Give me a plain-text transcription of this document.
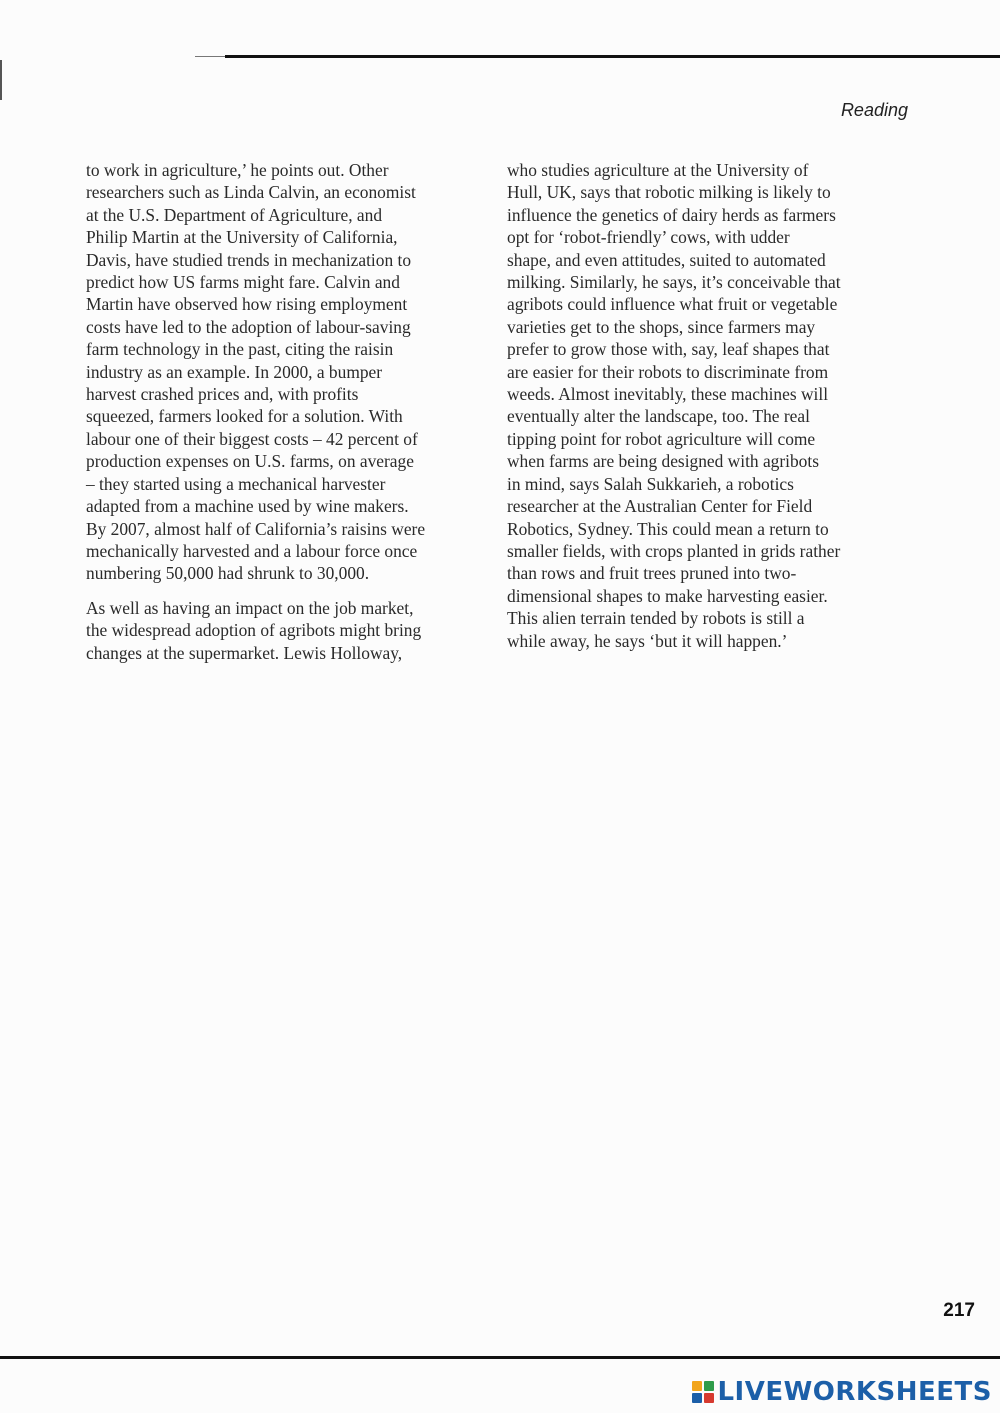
Reading
to work in agriculture,’ he points out. Other
researchers such as Linda Calvin, an economist
at the U.S. Department of Agriculture, and
Philip Martin at the University of California,
Davis, have studied trends in mechanization to
predict how US farms might fare. Calvin and
Martin have observed how rising employment
costs have led to the adoption of labour-saving
farm technology in the past, citing the raisin
industry as an example. In 2000, a bumper
harvest crashed prices and, with profits
squeezed, farmers looked for a solution. With
labour one of their biggest costs – 42 percent of
production expenses on U.S. farms, on average
– they started using a mechanical harvester
adapted from a machine used by wine makers.
By 2007, almost half of California’s raisins were
mechanically harvested and a labour force once
numbering 50,000 had shrunk to 30,000.
As well as having an impact on the job market,
the widespread adoption of agribots might bring
changes at the supermarket. Lewis Holloway,
who studies agriculture at the University of
Hull, UK, says that robotic milking is likely to
influence the genetics of dairy herds as farmers
opt for ‘robot-friendly’ cows, with udder
shape, and even attitudes, suited to automated
milking. Similarly, he says, it’s conceivable that
agribots could influence what fruit or vegetable
varieties get to the shops, since farmers may
prefer to grow those with, say, leaf shapes that
are easier for their robots to discriminate from
weeds. Almost inevitably, these machines will
eventually alter the landscape, too. The real
tipping point for robot agriculture will come
when farms are being designed with agribots
in mind, says Salah Sukkarieh, a robotics
researcher at the Australian Center for Field
Robotics, Sydney. This could mean a return to
smaller fields, with crops planted in grids rather
than rows and fruit trees pruned into two-
dimensional shapes to make harvesting easier.
This alien terrain tended by robots is still a
while away, he says ‘but it will happen.’
217
LIVEWORKSHEETS
